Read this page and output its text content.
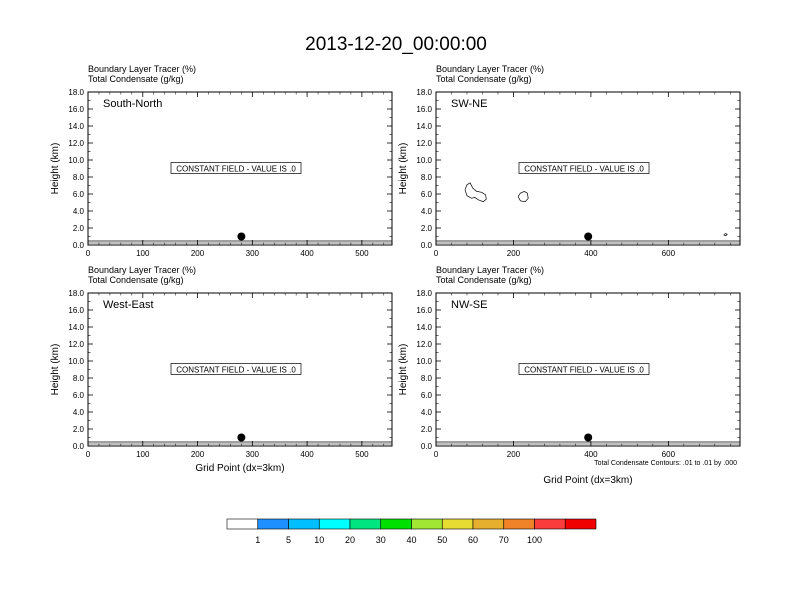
2013-12-20_00:00:00
Boundary Layer Tracer (%)
Total Condensate (g/kg)
0.0
2.0
4.0
6.0
8.0
10.0
12.0
14.0
16.0
18.0
0	100	200	300	400	500
South-North
Height (km)	CONSTANT FIELD - VALUE IS .0
Boundary Layer Tracer (%)
Total Condensate (g/kg)
0.0
2.0
4.0
6.0
8.0
10.0
12.0
14.0
16.0
18.0
0	200	400	600
SW-NE
Height (km)	CONSTANT FIELD - VALUE IS .0
Boundary Layer Tracer (%)
Total Condensate (g/kg)
0.0
2.0
4.0
6.0
8.0
10.0
12.0
14.0
16.0
18.0
0	100	200	300	400	500
West-East
Height (km)	CONSTANT FIELD - VALUE IS .0
Grid Point (dx=3km)
Boundary Layer Tracer (%)
Total Condensate (g/kg)
0.0
2.0
4.0
6.0
8.0
10.0
12.0
14.0
16.0
18.0
0	200	400	600
NW-SE
Height (km)	CONSTANT FIELD - VALUE IS .0
Grid Point (dx=3km)
Total Condensate Contours: .01 to .01 by .000
1	5	10 20 30 40 50 60 70 100
